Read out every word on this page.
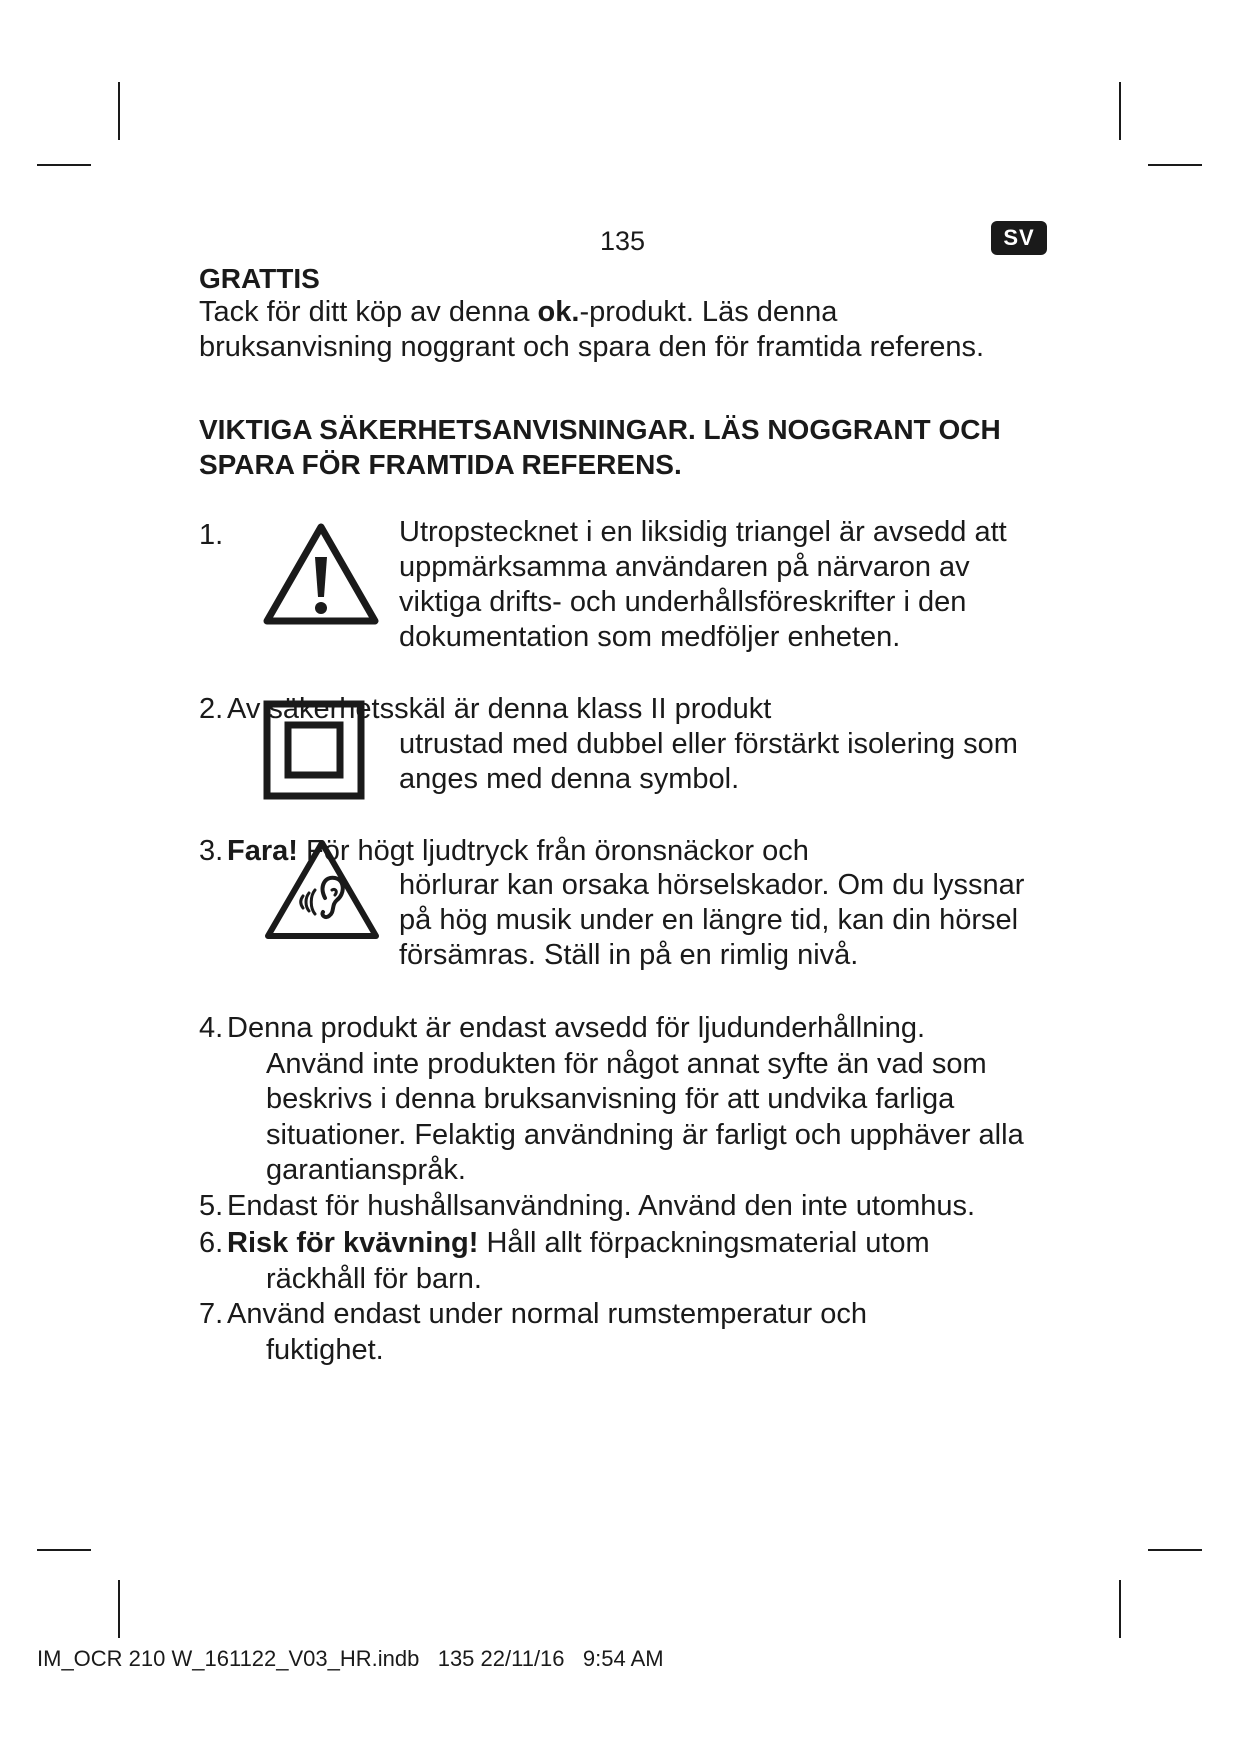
135	SV
GRATTIS
Tack för ditt köp av denna ok.-produkt. Läs denna
bruksanvisning noggrant och spara den för framtida referens.
VIKTIGA SÄKERHETSANVISNINGAR. LÄS NOGGRANT OCH
SPARA FÖR FRAMTIDA REFERENS.
1.	Utropstecknet i en liksidig triangel är avsedd att
uppmärksamma användaren på närvaron av
viktiga drifts- och underhållsföreskrifter i den
dokumentation som medföljer enheten.
2. Av säkerhetsskäl är denna klass II produkt
utrustad med dubbel eller förstärkt isolering som
anges med denna symbol.
3. Fara! För högt ljudtryck från öronsnäckor och
hörlurar kan orsaka hörselskador. Om du lyssnar
på hög musik under en längre tid, kan din hörsel
försämras. Ställ in på en rimlig nivå.
4. Denna produkt är endast avsedd för ljudunderhållning.
Använd inte produkten för något annat syfte än vad som
beskrivs i denna bruksanvisning för att undvika farliga
situationer. Felaktig användning är farligt och upphäver alla
garantianspråk.
5. Endast för hushållsanvändning. Använd den inte utomhus.
6. Risk för kvävning! Håll allt förpackningsmaterial utom
räckhåll för barn.
7. Använd endast under normal rumstemperatur och
fuktighet.
IM_OCR 210 W_161122_V03_HR.indb   135 22/11/16   9:54 AM
